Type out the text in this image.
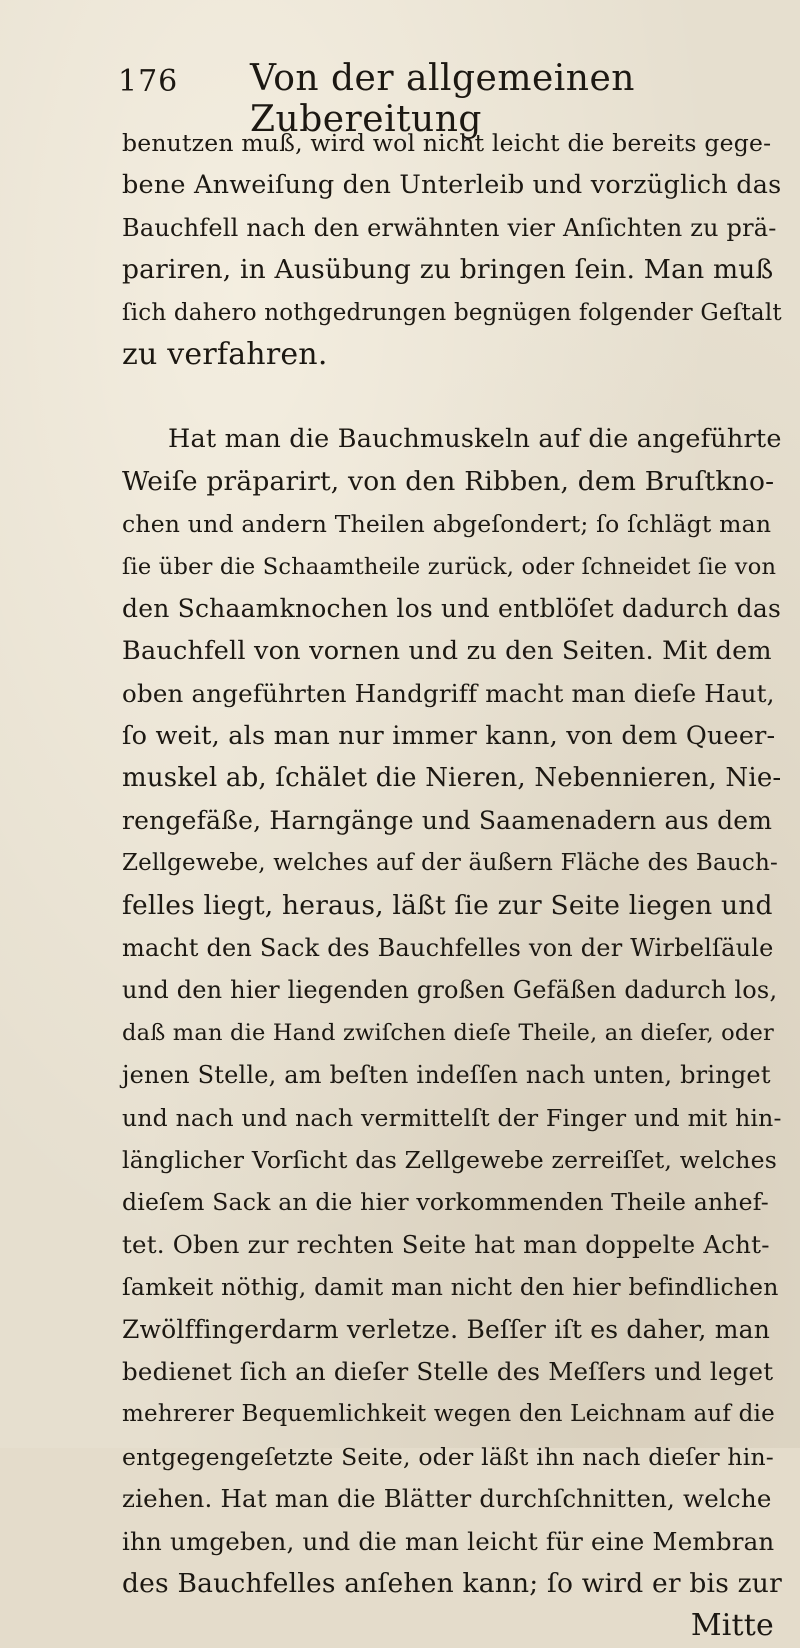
176 Von der allgemeinen Zubereitung
benutzen muß, wird wol nicht leicht die bereits gege-
bene Anweiſung den Unterleib und vorzüglich das
Bauchfell nach den erwähnten vier Anſichten zu prä-
pariren, in Ausübung zu bringen ſein. Man muß
ſich dahero nothgedrungen begnügen folgender Geſtalt
zu verfahren.
Hat man die Bauchmuskeln auf die angeführte
Weiſe präparirt, von den Ribben, dem Bruſtkno-
chen und andern Theilen abgeſondert; ſo ſchlägt man
ſie über die Schaamtheile zurück, oder ſchneidet ſie von
den Schaamknochen los und entblöſet dadurch das
Bauchfell von vornen und zu den Seiten. Mit dem
oben angeführten Handgriff macht man dieſe Haut,
ſo weit, als man nur immer kann, von dem Queer-
muskel ab, ſchälet die Nieren, Nebennieren, Nie-
rengefäße, Harngänge und Saamenadern aus dem
Zellgewebe, welches auf der äußern Fläche des Bauch-
felles liegt, heraus, läßt ſie zur Seite liegen und
macht den Sack des Bauchfelles von der Wirbelſäule
und den hier liegenden großen Gefäßen dadurch los,
daß man die Hand zwiſchen dieſe Theile, an dieſer, oder
jenen Stelle, am beſten indeſſen nach unten, bringet
und nach und nach vermittelſt der Finger und mit hin-
länglicher Vorſicht das Zellgewebe zerreiſſet, welches
dieſem Sack an die hier vorkommenden Theile anhef-
tet. Oben zur rechten Seite hat man doppelte Acht-
ſamkeit nöthig, damit man nicht den hier befindlichen
Zwölffingerdarm verletze. Beſſer iſt es daher, man
bedienet ſich an dieſer Stelle des Meſſers und leget
mehrerer Bequemlichkeit wegen den Leichnam auf die
entgegengeſetzte Seite, oder läßt ihn nach dieſer hin-
ziehen. Hat man die Blätter durchſchnitten, welche
ihn umgeben, und die man leicht für eine Membran
des Bauchfelles anſehen kann; ſo wird er bis zur
Mitte
